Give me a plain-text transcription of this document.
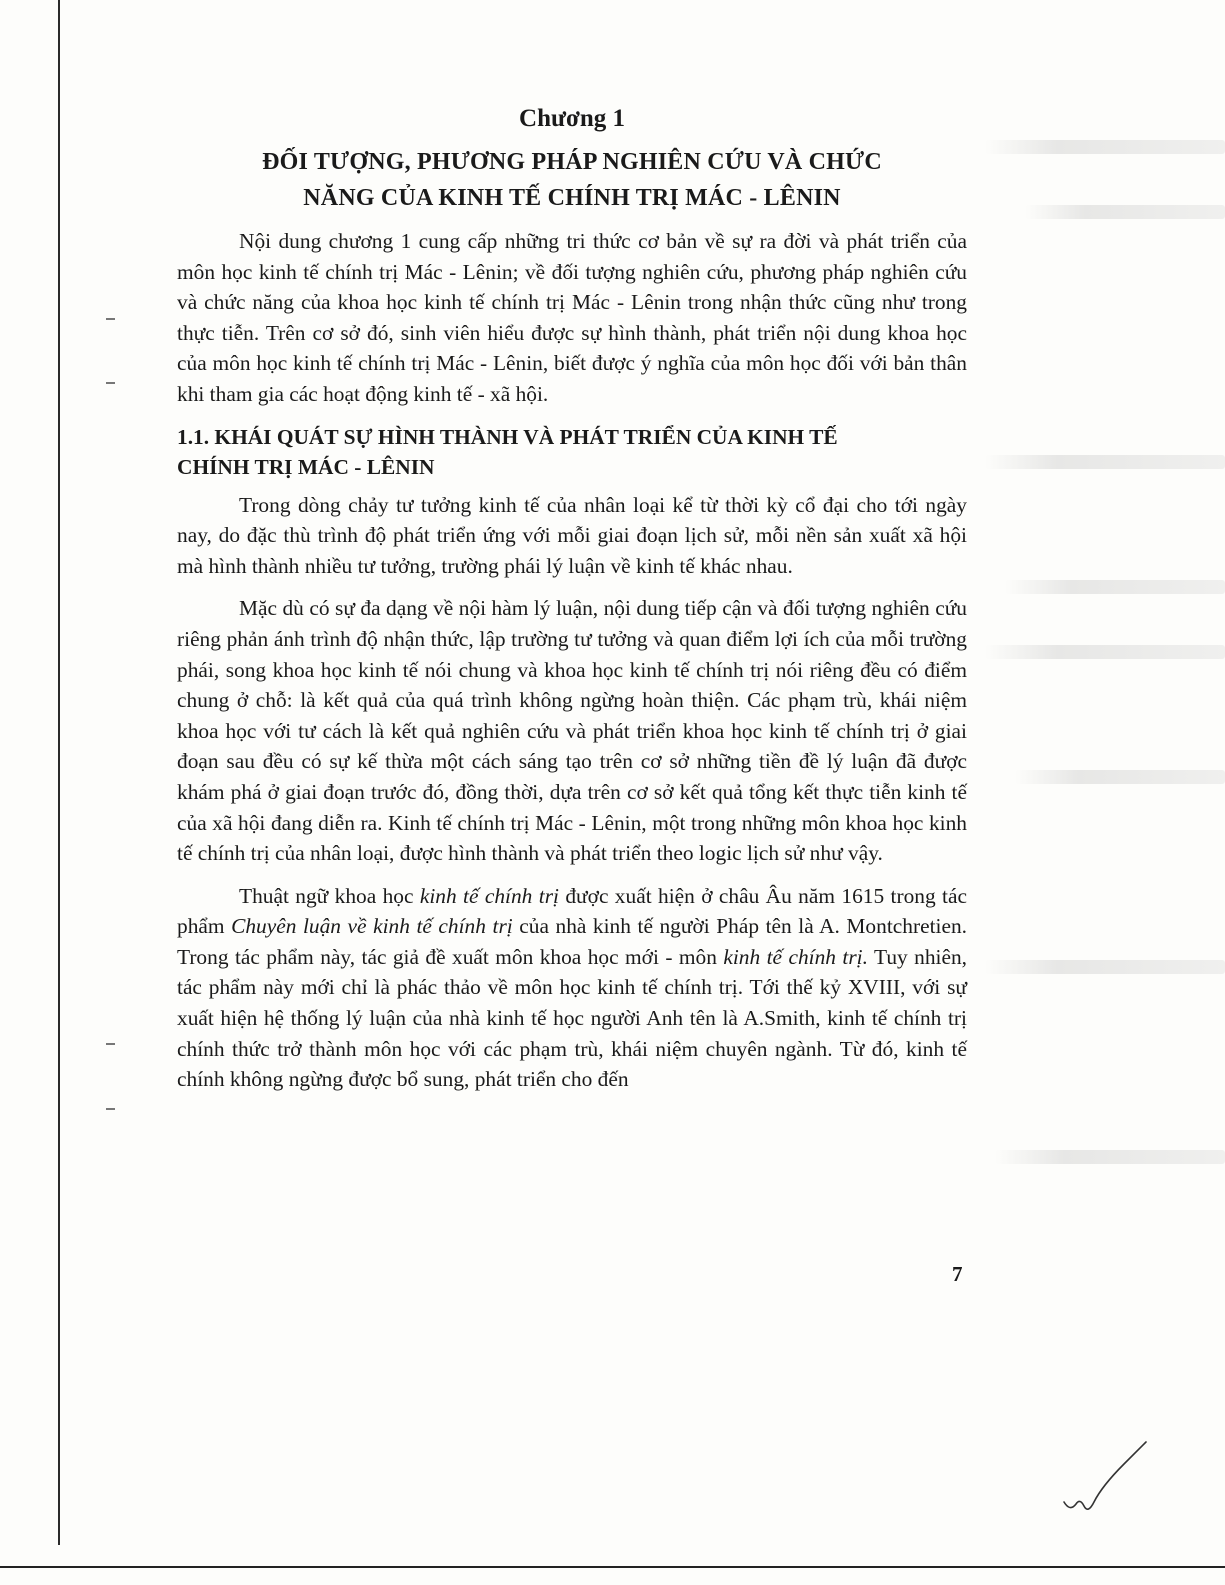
Chương 1
ĐỐI TƯỢNG, PHƯƠNG PHÁP NGHIÊN CỨU VÀ CHỨC
NĂNG CỦA KINH TẾ CHÍNH TRỊ MÁC - LÊNIN

Nội dung chương 1 cung cấp những tri thức cơ bản về sự ra đời và phát triển của môn học kinh tế chính trị Mác - Lênin; về đối tượng nghiên cứu, phương pháp nghiên cứu và chức năng của khoa học kinh tế chính trị Mác - Lênin trong nhận thức cũng như trong thực tiễn. Trên cơ sở đó, sinh viên hiểu được sự hình thành, phát triển nội dung khoa học của môn học kinh tế chính trị Mác - Lênin, biết được ý nghĩa của môn học đối với bản thân khi tham gia các hoạt động kinh tế - xã hội.

1.1. KHÁI QUÁT SỰ HÌNH THÀNH VÀ PHÁT TRIỂN CỦA KINH TẾ
CHÍNH TRỊ MÁC - LÊNIN

Trong dòng chảy tư tưởng kinh tế của nhân loại kể từ thời kỳ cổ đại cho tới ngày nay, do đặc thù trình độ phát triển ứng với mỗi giai đoạn lịch sử, mỗi nền sản xuất xã hội mà hình thành nhiều tư tưởng, trường phái lý luận về kinh tế khác nhau.

Mặc dù có sự đa dạng về nội hàm lý luận, nội dung tiếp cận và đối tượng nghiên cứu riêng phản ánh trình độ nhận thức, lập trường tư tưởng và quan điểm lợi ích của mỗi trường phái, song khoa học kinh tế nói chung và khoa học kinh tế chính trị nói riêng đều có điểm chung ở chỗ: là kết quả của quá trình không ngừng hoàn thiện. Các phạm trù, khái niệm khoa học với tư cách là kết quả nghiên cứu và phát triển khoa học kinh tế chính trị ở giai đoạn sau đều có sự kế thừa một cách sáng tạo trên cơ sở những tiền đề lý luận đã được khám phá ở giai đoạn trước đó, đồng thời, dựa trên cơ sở kết quả tổng kết thực tiễn kinh tế của xã hội đang diễn ra. Kinh tế chính trị Mác - Lênin, một trong những môn khoa học kinh tế chính trị của nhân loại, được hình thành và phát triển theo logic lịch sử như vậy.

Thuật ngữ khoa học kinh tế chính trị được xuất hiện ở châu Âu năm 1615 trong tác phẩm Chuyên luận về kinh tế chính trị của nhà kinh tế người Pháp tên là A. Montchretien. Trong tác phẩm này, tác giả đề xuất môn khoa học mới - môn kinh tế chính trị. Tuy nhiên, tác phẩm này mới chỉ là phác thảo về môn học kinh tế chính trị. Tới thế kỷ XVIII, với sự xuất hiện hệ thống lý luận của nhà kinh tế học người Anh tên là A.Smith, kinh tế chính trị chính thức trở thành môn học với các phạm trù, khái niệm chuyên ngành. Từ đó, kinh tế chính không ngừng được bổ sung, phát triển cho đến

7
